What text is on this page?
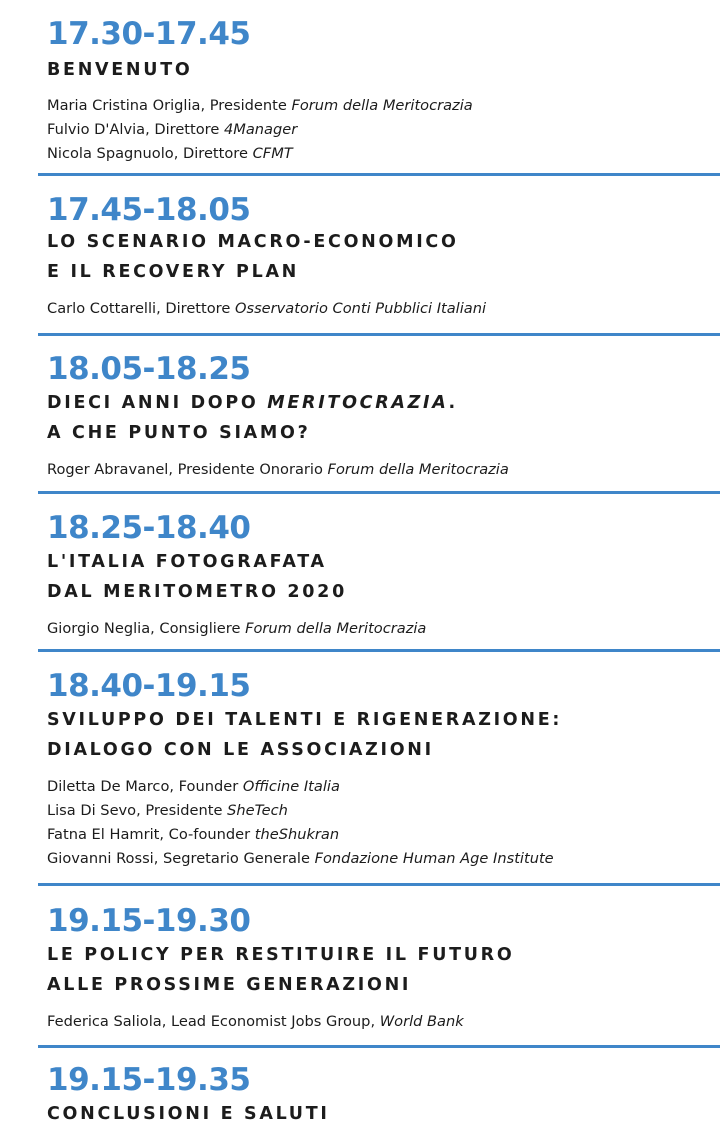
17.30-17.45
BENVENUTO
Maria Cristina Origlia, Presidente Forum della Meritocrazia
Fulvio D'Alvia, Direttore 4Manager
Nicola Spagnuolo, Direttore CFMT
17.45-18.05
LO SCENARIO MACRO-ECONOMICO
E IL RECOVERY PLAN
Carlo Cottarelli, Direttore Osservatorio Conti Pubblici Italiani
18.05-18.25
DIECI ANNI DOPO MERITOCRAZIA.
A CHE PUNTO SIAMO?
Roger Abravanel, Presidente Onorario Forum della Meritocrazia
18.25-18.40
L'ITALIA FOTOGRAFATA
DAL MERITOMETRO 2020
Giorgio Neglia, Consigliere Forum della Meritocrazia
18.40-19.15
SVILUPPO DEI TALENTI E RIGENERAZIONE:
DIALOGO CON LE ASSOCIAZIONI
Diletta De Marco, Founder Officine Italia
Lisa Di Sevo, Presidente SheTech
Fatna El Hamrit, Co-founder theShukran
Giovanni Rossi, Segretario Generale Fondazione Human Age Institute
19.15-19.30
LE POLICY PER RESTITUIRE IL FUTURO
ALLE PROSSIME GENERAZIONI
Federica Saliola, Lead Economist Jobs Group, World Bank
19.15-19.35
CONCLUSIONI E SALUTI
